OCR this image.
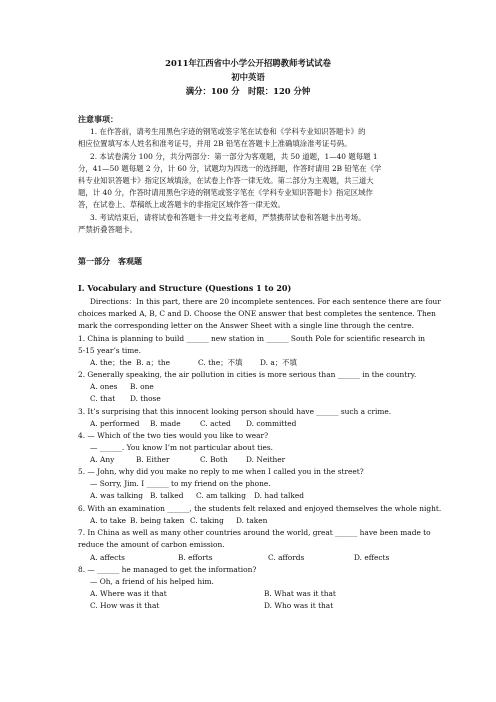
2011年江西省中小学公开招聘教师考试试卷
初中英语
满分：100 分　时限：120 分钟
注意事项：
1. 在作答前，请考生用黑色字迹的钢笔或签字笔在试卷和《学科专业知识答题卡》的
相应位置填写本人姓名和准考证号，并用 2B 铅笔在答题卡上准确填涂准考证号码。
2. 本试卷满分 100 分，共分两部分：第一部分为客观题，共 50 道题，1—40 题每题 1
分，41—50 题每题 2 分，计 60 分，试题均为四选一的选择题，作答时请用 2B 铅笔在《学
科专业知识答题卡》指定区域填涂，在试卷上作答一律无效。第二部分为主观题，共三道大
题，计 40 分，作答时请用黑色字迹的钢笔或签字笔在《学科专业知识答题卡》指定区域作
答，在试卷上、草稿纸上或答题卡的非指定区域作答一律无效。
3. 考试结束后，请将试卷和答题卡一并交监考老师，严禁携带试卷和答题卡出考场。
严禁折叠答题卡。
第一部分　客观题
I. Vocabulary and Structure (Questions 1 to 20)
Directions：In this part, there are 20 incomplete sentences. For each sentence there are four
choices marked A, B, C and D. Choose the ONE answer that best completes the sentence. Then
mark the corresponding letter on the Answer Sheet with a single line through the centre.
1. China is planning to build ______ new station in ______ South Pole for scientific research in
5-15 year’s time.
A. the；the B. a；the	C. the；不填 D. a；不填
2. Generally speaking, the air pollution in cities is more serious than ______ in the country.
A. ones B. one
C. that D. those
3. It’s surprising that this innocent looking person should have ______ such a crime.
A. performed B. made	C. acted D. committed
4. — Which of the two ties would you like to wear?
— ______. You know I’m not particular about ties.
A. Any	B. Either	C. Both D. Neither
5. — John, why did you make no reply to me when I called you in the street?
— Sorry, Jim. I ______ to my friend on the phone.
A. was talking B. talked C. am talking D. had talked
6. With an examination ______, the students felt relaxed and enjoyed themselves the whole night.
A. to take B. being taken C. taking D. taken
7. In China as well as many other countries around the world, great ______ have been made to
reduce the amount of carbon emission.
A. affects	B. efforts	C. affords	D. effects
8. — ______ he managed to get the information?
— Oh, a friend of his helped him.
A. Where was it that	B. What was it that
C. How was it that	D. Who was it that
